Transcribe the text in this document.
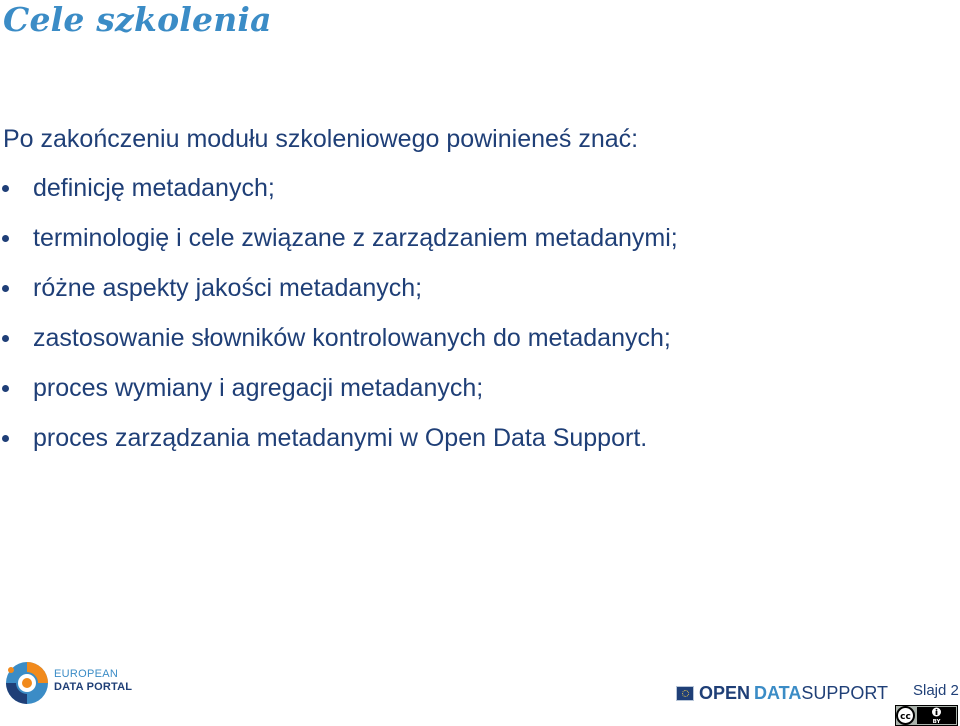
Cele szkolenia

Po zakończeniu modułu szkoleniowego powinieneś znać:

definicję metadanych;
terminologię i cele związane z zarządzaniem metadanymi;
różne aspekty jakości metadanych;
zastosowanie słowników kontrolowanych do metadanych;
proces wymiany i agregacji metadanych;
proces zarządzania metadanymi w Open Data Support.
EUROPEAN
DATA PORTAL	OPEN DATASUPPORT Slajd 2
cc	BY
